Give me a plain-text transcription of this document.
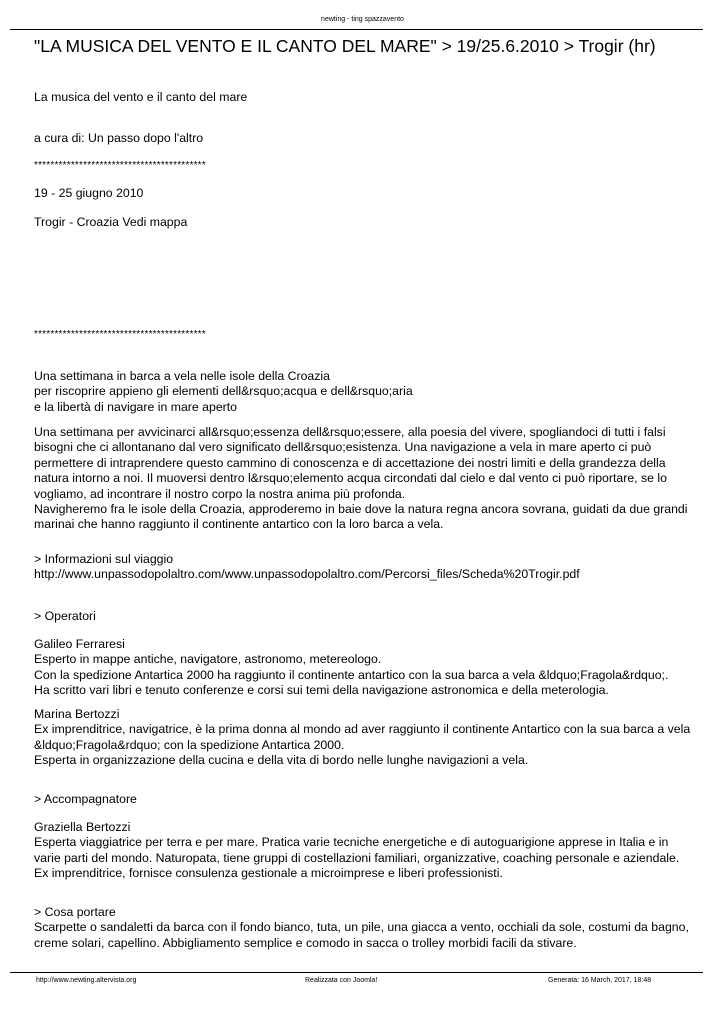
newting - ting spazzavento
"LA MUSICA DEL VENTO E IL CANTO DEL MARE" > 19/25.6.2010 > Trogir (hr)
La musica del vento e il canto del mare
a cura di: Un passo dopo l'altro
******************************************
19 - 25 giugno 2010
Trogir - Croazia Vedi mappa
******************************************
Una settimana in barca a vela nelle isole della Croazia
per riscoprire appieno gli elementi dell&rsquo;acqua e dell&rsquo;aria
e la libertà di navigare in mare aperto
Una settimana per avvicinarci all&rsquo;essenza dell&rsquo;essere, alla poesia del vivere, spogliandoci di tutti i falsi
bisogni che ci allontanano dal vero significato dell&rsquo;esistenza. Una navigazione a vela in mare aperto ci può
permettere di intraprendere questo cammino di conoscenza e di accettazione dei nostri limiti e della grandezza della
natura intorno a noi. Il muoversi dentro l&rsquo;elemento acqua circondati dal cielo e dal vento ci può riportare, se lo
vogliamo, ad incontrare il nostro corpo la nostra anima più profonda.
Navigheremo fra le isole della Croazia, approderemo in baie dove la natura regna ancora sovrana, guidati da due grandi
marinai che hanno raggiunto il continente antartico con la loro barca a vela.
> Informazioni sul viaggio
http://www.unpassodopolaltro.com/www.unpassodopolaltro.com/Percorsi_files/Scheda%20Trogir.pdf
> Operatori
Galileo Ferraresi
Esperto in mappe antiche, navigatore, astronomo, metereologo.
Con la spedizione Antartica 2000 ha raggiunto il continente antartico con la sua barca a vela &ldquo;Fragola&rdquo;.
Ha scritto vari libri e tenuto conferenze e corsi sui temi della navigazione astronomica e della meterologia.
Marina Bertozzi
Ex imprenditrice, navigatrice, è la prima donna al mondo ad aver raggiunto il continente Antartico con la sua barca a vela
&ldquo;Fragola&rdquo; con la spedizione Antartica 2000.
Esperta in organizzazione della cucina e della vita di bordo nelle lunghe navigazioni a vela.
> Accompagnatore
Graziella Bertozzi
Esperta viaggiatrice per terra e per mare. Pratica varie tecniche energetiche e di autoguarigione apprese in Italia e in
varie parti del mondo. Naturopata, tiene gruppi di costellazioni familiari, organizzative, coaching personale e aziendale.
Ex imprenditrice, fornisce consulenza gestionale a microimprese e liberi professionisti.
> Cosa portare
Scarpette o sandaletti da barca con il fondo bianco, tuta, un pile, una giacca a vento, occhiali da sole, costumi da bagno,
creme solari, capellino. Abbigliamento semplice e comodo in sacca o trolley morbidi facili da stivare.
http://www.newting.altervista.org	Realizzata con Joomla!	Generata: 16 March, 2017, 18:48
